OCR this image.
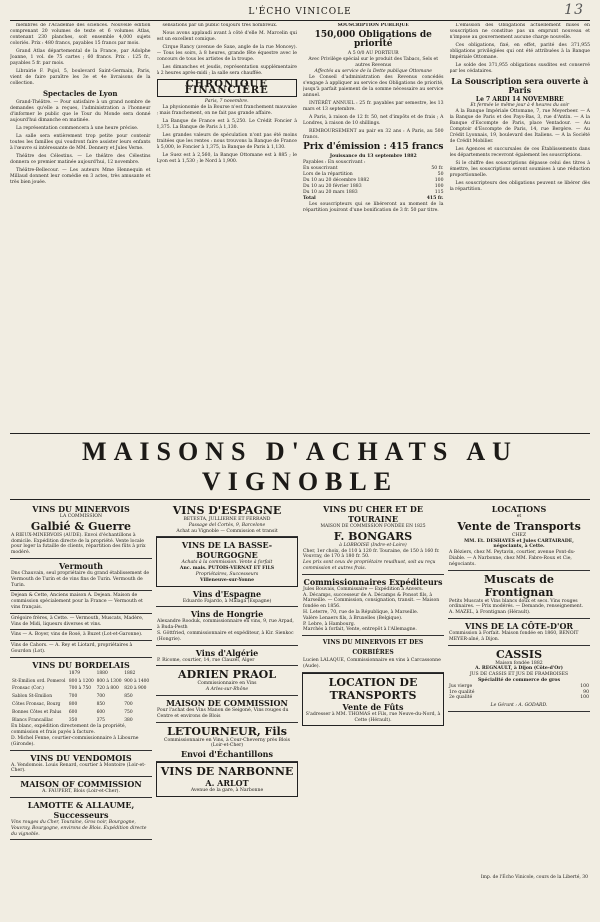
L'ÉCHO VINICOLE	13

membres de l'Académie des sciences. Nouvelle édition comprenant 20 volumes de texte et 6 volumes Atlas, contenant 230 planches, soit ensemble 4,000 sujets coloriés. Prix : 480 francs, payables 15 francs par mois.

Grand Atlas départemental de la France, par Adolphe Joanne, 1 vol. de 75 cartes ; 60 francs. Prix : 125 fr., payables 5 fr. par mois.

Librairie F. Pujol, 5, boulevard Saint-Germain, Paris, vient de faire paraître les 3e et 4e livraisons de la collection.

Spectacles de Lyon

Grand-Théâtre. — Pour satisfaire à un grand nombre de demandes qu'elle a reçues, l'administration a l'honneur d'informer le public que le Tour du Monde sera donné aujourd'hui dimanche en matinée.

La représentation commencera à une heure précise.

La salle sera entièrement trop petite pour contenir toutes les familles qui voudront faire assister leurs enfants à l'œuvre si intéressante de MM. Dennery et Jules Verne.

Théâtre des Célestins. — Le théâtre des Célestins donnera ce premier matinée aujourd'hui, 12 novembre.

Théâtre-Bellecour. — Les auteurs Mme Hennequin et Millaud donnent leur comédie en 3 actes, très amusante et très bien jouée.

sensations par un public toujours très nombreux.

Nous avons applaudi avant à côté d'elle M. Marcelin qui est un excellent comique.

Cirque Rancy (avenue de Saxe, angle de la rue Moncey). — Tous les soirs, à 8 heures, grande fête équestre avec le concours de tous les artistes de la troupe.

Les dimanches et jeudis, représentation supplémentaire à 2 heures après-midi ; la salle sera chauffée.

CHRONIQUE FINANCIÈRE
Paris, 7 novembre.

La physionomie de la Bourse n'est franchement mauvaise ; mais franchement, on ne fait pas grande affaire.

La Banque de France est à 5,250. Le Crédit Foncier à 1,375. La Banque de Paris à 1,130.

Les grandes valeurs de spéculation n'ont pas été moins traitées que les rentes : nous trouvons la Banque de France à 5,000, le Foncier à 1,375, la Banque de Paris à 1,130.

Le Suez est à 2,560, la Banque Ottomane est à 885 ; le Lyon est à 1,530 ; le Nord à 1,900.

SOUSCRIPTION PUBLIQUE
150,000 Obligations de priorité
A 5 0/0 AU PORTEUR
Avec Privilège spécial sur le produit des Tabacs, Sels et autres Revenus
Affectés au service de la Dette publique Ottomane

Le Conseil d'administration des Revenus concédés s'engage à appliquer au service des Obligations de priorité, jusqu'à parfait paiement de la somme nécessaire au service annuel.

INTÉRÊT ANNUEL : 25 fr. payables par semestre, les 13 mars et 13 septembre.

A Paris, à raison de 12 fr. 50, net d'impôts et de frais ; A Londres, à raison de 10 shillings.

REMBOURSEMENT au pair en 32 ans : A Paris, au 500 francs.

Prix d'émission : 415 francs
Jouissance du 13 septembre 1882
Payables : En souscrivant :
En souscrivant	50 fr.
Lors de la répartition	50
Du 10 au 20 décembre 1882	100
Du 10 au 20 février 1883	100
Du 10 au 20 mars 1883	115
Total	415 fr.

Les souscripteurs qui se libéreront au moment de la répartition jouiront d'une bonification de 3 fr. 50 par titre.

L'émission des Obligations actuellement mises en souscription ne constitue pas un emprunt nouveau et n'impose au gouvernement aucune charge nouvelle.

Ces obligations, fixé, en effet, parité des 371,955 obligations privilégiées qui ont été attribuées à la Banque Impériale Ottomane.

Le solde des 371,955 obligations susdites est conservé par les cédataires.

La Souscription sera ouverte à Paris
Le 7 ARDI 14 NOVEMBRE
Et fermée le même jour à 4 heures du soir

A la Banque Impériale Ottomane, 7, rue Meyerbeer. — A la Banque de Paris et des Pays-Bas, 3, rue d'Antin. — A la Banque d'Escompte de Paris, place Ventadour. — Au Comptoir d'Escompte de Paris, 14, rue Bergère. — Au Crédit Lyonnais, 19, boulevard des Italiens. — A la Société de Crédit Mobilier.

Les Agences et succursales de ces Établissements dans les départements recevront également les souscriptions.

Si le chiffre des souscriptions dépasse celui des titres à émettre, les souscriptions seront soumises à une réduction proportionnelle.

Les souscripteurs des obligations peuvent se libérer dès la répartition.

MAISONS D'ACHATS AU VIGNOBLE
VINS DU MINERVOIS
LA COMMISSION
Galbié & Guerre
A RIEUX-MINERVOIS (AUDE). Envoi d'échantillons à domicile. Expédition directe de la propriété. Vente locale pour loger la futaille de clients, répartition des fûts à prix modéré.
Vermouth
Dns Chauvain, seul propriétaire du grand établissement de Vermouth de Turin et de vins fins de Turin. Vermouth de Turin.
Dejean & Cette, Anciens maison A. Dejean. Maison de commission spécialement pour la France — Vermouth et vins français.
Grégoire frères, à Cette. — Vermouth, Muscats, Madère, Vins de Midi, liqueurs diverses et vins.
Vins — A. Boyer, vins de Rosé, à Buzet (Lot-et-Garonne).
Vins de Cahors. — A. Rey et Liotard, propriétaires à Gourdon (Lot).
VINS DU BORDELAIS
	1879	1880	1882
St-Emilion ord. Pomerol	800 à 1200	800 à 1300	900 à 1400
Fronsac (Cor.)	700 à 750	720 à 800	820 à 900
Sablon St-Emilion	700	700	850
Côtes Fronsac, Bourg	800	850	700
Bonnes Côtes et Palus	600	600	750
Blancs Francaillac	350	375	380
En blanc, expédition directement de la propriété, commission et frais payés à facture.
D. Michel Fenne, courtier-commissionnaire à Libourne (Gironde).
VINS DU VENDOMOIS
A. Vendomois. Louis Renard, courtier à Montoire (Loir-et-Cher).
MAISON OF COMMISSION
A. FAUPERT, Blois (Loir-et-Cher).
LAMOTTE & ALLAUME, Successeurs
Vins rouges du Cher, Touraine, Gros noir, Bourgogne, Vouvray, Bourgogne, environs de Blois. Expédition directe du vignoble.
VINS D'ESPAGNE
BETESTA, JULLIERNE ET FERRAND
Passage del Cortès, 9, Barcelone
Achat au Vignoble — Commission et transit
VINS DE LA BASSE-BOURGOGNE
Achats à la commission. Vente à forfait
Anc. mais. PUTOIS-VERNAT ET FILS
Propriétaires, Successeurs
Villeneuve-sur-Yonne
Vins d'Espagne
Eduardo Fajardo, à Malaga (Espagne)
Vins de Hongrie
Alexandre Rooduk, commissionnaire en vins, 9, rue Arpad, à Buda-Pesth
S. Göttfried, commissionnaire et expéditeur, à Kir. Sienkoc (Hongrie).
Vins d'Algérie
P. Ricome, courtier, 14, rue Clauzel, Alger
ADRIEN PRAOL
Commissionnaire en Vins
A Arles-sur-Rhône
MAISON DE COMMISSION
Pour l'achat des Vins Manon de Seigoné, Vins rouges du Centre et environs de Blois
LETOURNEUR, Fils
Commissionnaire en Vins, à Cour-Cheverny près Blois (Loir-et-Cher)
Envoi d'Échantillons
VINS DE NARBONNE
A. ARLOT
Avenue de la gare, à Narbonne
VINS DU CHER ET DE TOURAINE
MAISON DE COMMISSION FONDÉE EN 1825
F. BONGARS
à LOBBOISE (Indre-et-Loire)
Cher, 1er choix, de 110 à 120 fr. Touraine, de 150 à 160 fr. Vouvray, de 170 à 180 fr. 50.
Les prix sont ceux de propriétaire reudhuot, soit au reçu commission et autres frais.
Commissionnaires Expéditeurs
Jules Bouvais, Commissaire — Expédition à Anvers.
A. Décamps, successeur de A. Décamps & Ponsot fils, à Marseille. — Commission, consignation, transit. — Maison fondée en 1856.
H. Leterre, 70, rue de la République, à Marseille.
Valère Lenaers fils, à Bruxelles (Belgique).
P. Lebre, à Hambourg.
Marchés à forfait, Vente, entrepôt à l'Allemagne.
VINS DU MINERVOIS ET DES CORBIÈRES
Lucien LALAQUE, Commissionnaire en vins à Carcassonne (Aude).
LOCATION DE TRANSPORTS
Vente de Fûts
S'adresser à MM. THOMAS et Fils, rue Neuve-du-Nord, à Cette (Hérault).
LOCATIONS
et
Vente de Transports
CHEZ
MM. Et. DESHAYES et Jules CARTAIRADE, négociants, à Cette.
A Béziers, chez M. Peytavin, courtier, avenue Pont-du-Diable. — A Narbonne, chez MM. Fabre-Roux et Cie, négociants.
Muscats de Frontignan
Petits Muscats et Vins blancs doux et secs. Vins rouges ordinaires. — Prix modérés. — Demande, renseignement. A. MAZEL, à Frontignan (Hérault).
VINS DE LA CÔTE-D'OR
Commission à Forfait. Maison fondée en 1860, BENOIT MEYER-aîné, à Dijon.
CASSIS
Maison fondée 1882
A. REGNAULT, à Dijon (Côte-d'Or)
JUS DE CASSIS ET JUS DE FRAMBOISES
Spécialité de commerce de gros
Jus vierge	100
1re qualité	90
2e qualité	100
Le Gérant : A. GODARD.
Imp. de l'Écho Vinicole, cours de la Liberté, 30
